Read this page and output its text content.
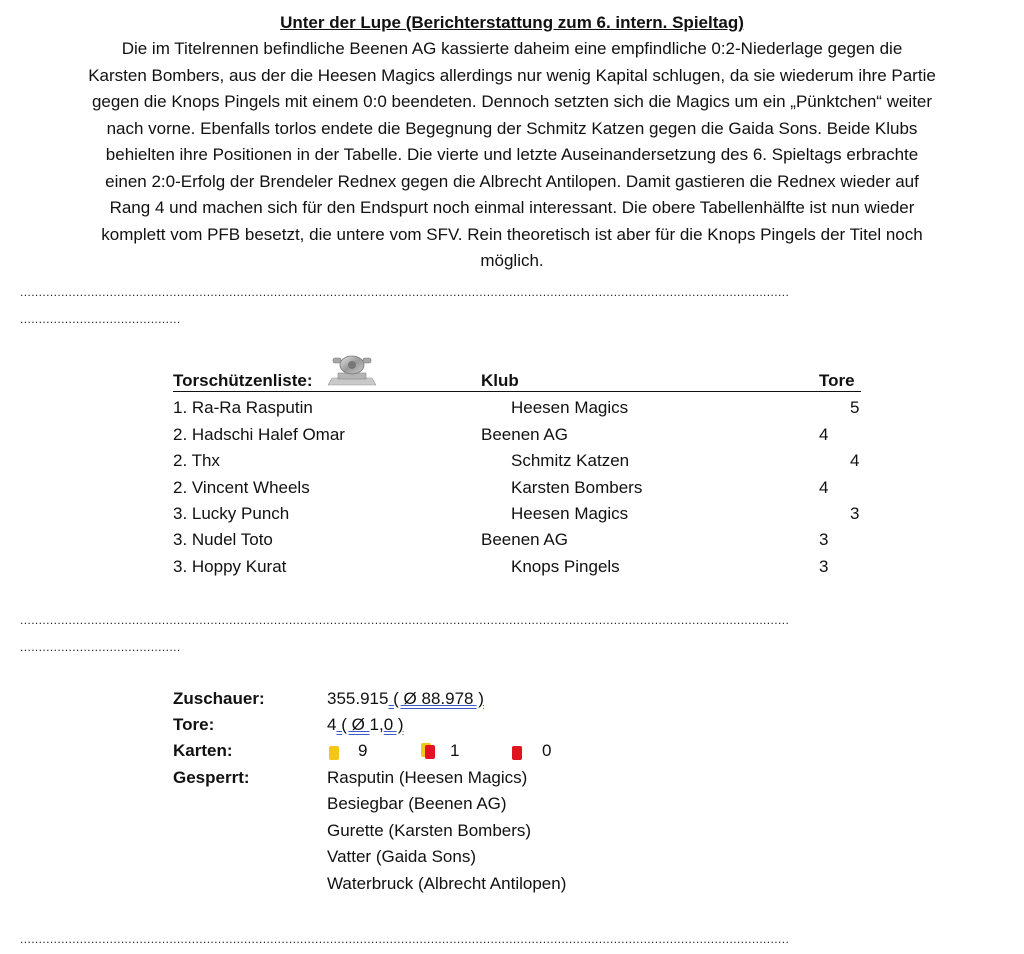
Unter der Lupe (Berichterstattung zum 6. intern. Spieltag)
Die im Titelrennen befindliche Beenen AG kassierte daheim eine empfindliche 0:2-Niederlage gegen die
Karsten Bombers, aus der die Heesen Magics allerdings nur wenig Kapital schlugen, da sie wiederum ihre Partie
gegen die Knops Pingels mit einem 0:0 beendeten. Dennoch setzten sich die Magics um ein „Pünktchen“ weiter
nach vorne. Ebenfalls torlos endete die Begegnung der Schmitz Katzen gegen die Gaida Sons. Beide Klubs
behielten ihre Positionen in der Tabelle. Die vierte und letzte Auseinandersetzung des 6. Spieltags erbrachte
einen 2:0-Erfolg der Brendeler Rednex gegen die Albrecht Antilopen. Damit gastieren die Rednex wieder auf
Rang 4 und machen sich für den Endspurt noch einmal interessant. Die obere Tabellenhälfte ist nun wieder
komplett vom PFB besetzt, die untere vom SFV. Rein theoretisch ist aber für die Knops Pingels der Titel noch
möglich.
..............................................................................................................................................................................................................
...........................................
Torschützenliste:	Klub	Tore
1. Ra-Ra Rasputin	Heesen Magics	5
2. Hadschi Halef Omar	Beenen AG	4
2. Thx	Schmitz Katzen	4
2. Vincent Wheels	Karsten Bombers	4
3. Lucky Punch	Heesen Magics	3
3. Nudel Toto	Beenen AG	3
3. Hoppy Kurat	Knops Pingels	3
..............................................................................................................................................................................................................
...........................................
Zuschauer:	355.915 ( Ø 88.978 )
Tore:	4 ( Ø 1,0 )
Karten:	9	1	0
Gesperrt:	Rasputin (Heesen Magics)
Besiegbar (Beenen AG)
Gurette (Karsten Bombers)
Vatter (Gaida Sons)
Waterbruck (Albrecht Antilopen)
..............................................................................................................................................................................................................
